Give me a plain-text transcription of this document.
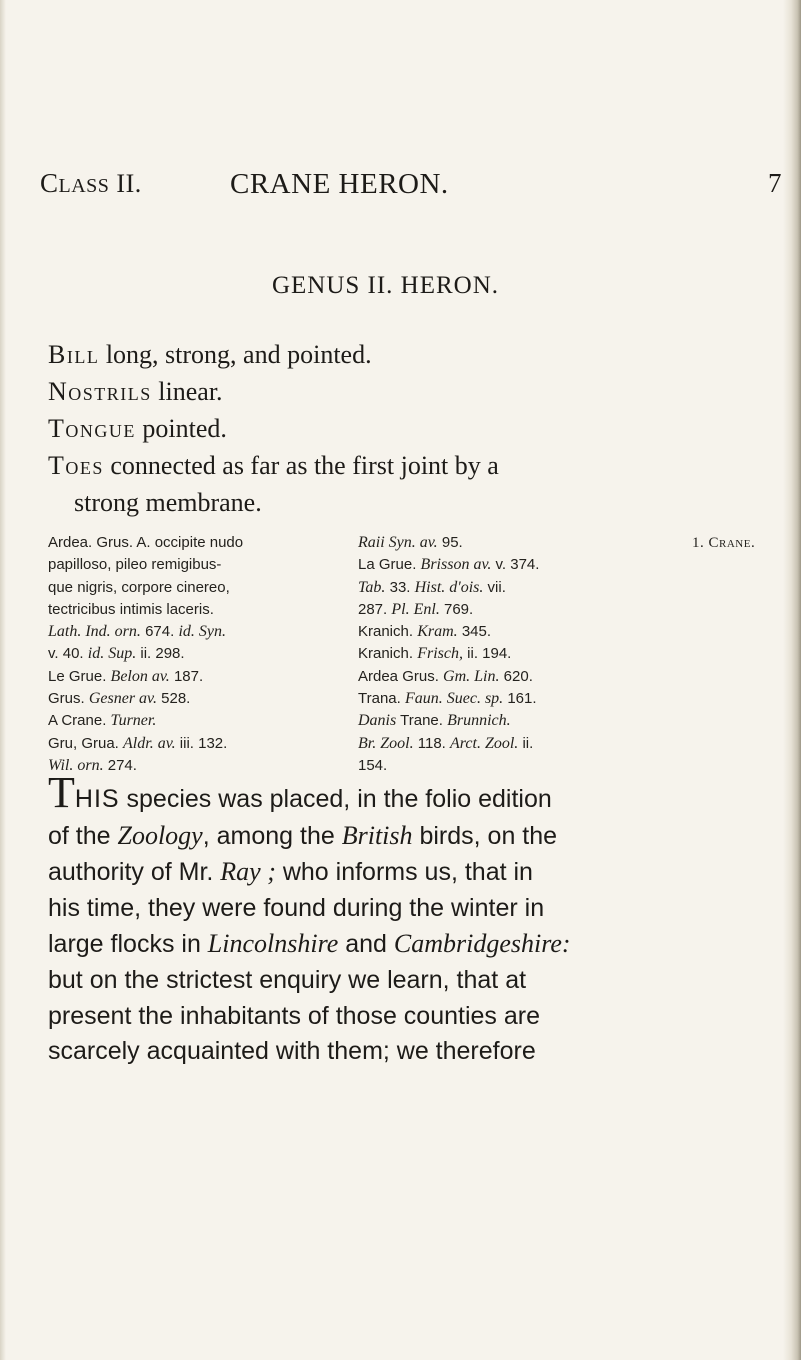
CLASS II.	CRANE HERON.	7
GENUS II. HERON.
Bill long, strong, and pointed.
Nostrils linear.
Tongue pointed.
Toes connected as far as the first joint by a
strong membrane.
Ardea. Grus. A. occipite nudo
papilloso, pileo remigibus-
que nigris, corpore cinereo,
tectricibus intimis laceris.
Lath. Ind. orn. 674. id. Syn.
v. 40. id. Sup. ii. 298.
Le Grue. Belon av. 187.
Grus. Gesner av. 528.
A Crane. Turner.
Gru, Grua. Aldr. av. iii. 132.
Wil. orn. 274.
Raii Syn. av. 95.
La Grue. Brisson av. v. 374.
Tab. 33. Hist. d'ois. vii.
287. Pl. Enl. 769.
Kranich. Kram. 345.
Kranich. Frisch, ii. 194.
Ardea Grus. Gm. Lin. 620.
Trana. Faun. Suec. sp. 161.
Danis Trane. Brunnich.
Br. Zool. 118. Arct. Zool. ii.
154.
1. Crane.
THIS species was placed, in the folio edition
of the Zoology, among the British birds, on the
authority of Mr. Ray ; who informs us, that in
his time, they were found during the winter in
large flocks in Lincolnshire and Cambridgeshire:
but on the strictest enquiry we learn, that at
present the inhabitants of those counties are
scarcely acquainted with them; we therefore
